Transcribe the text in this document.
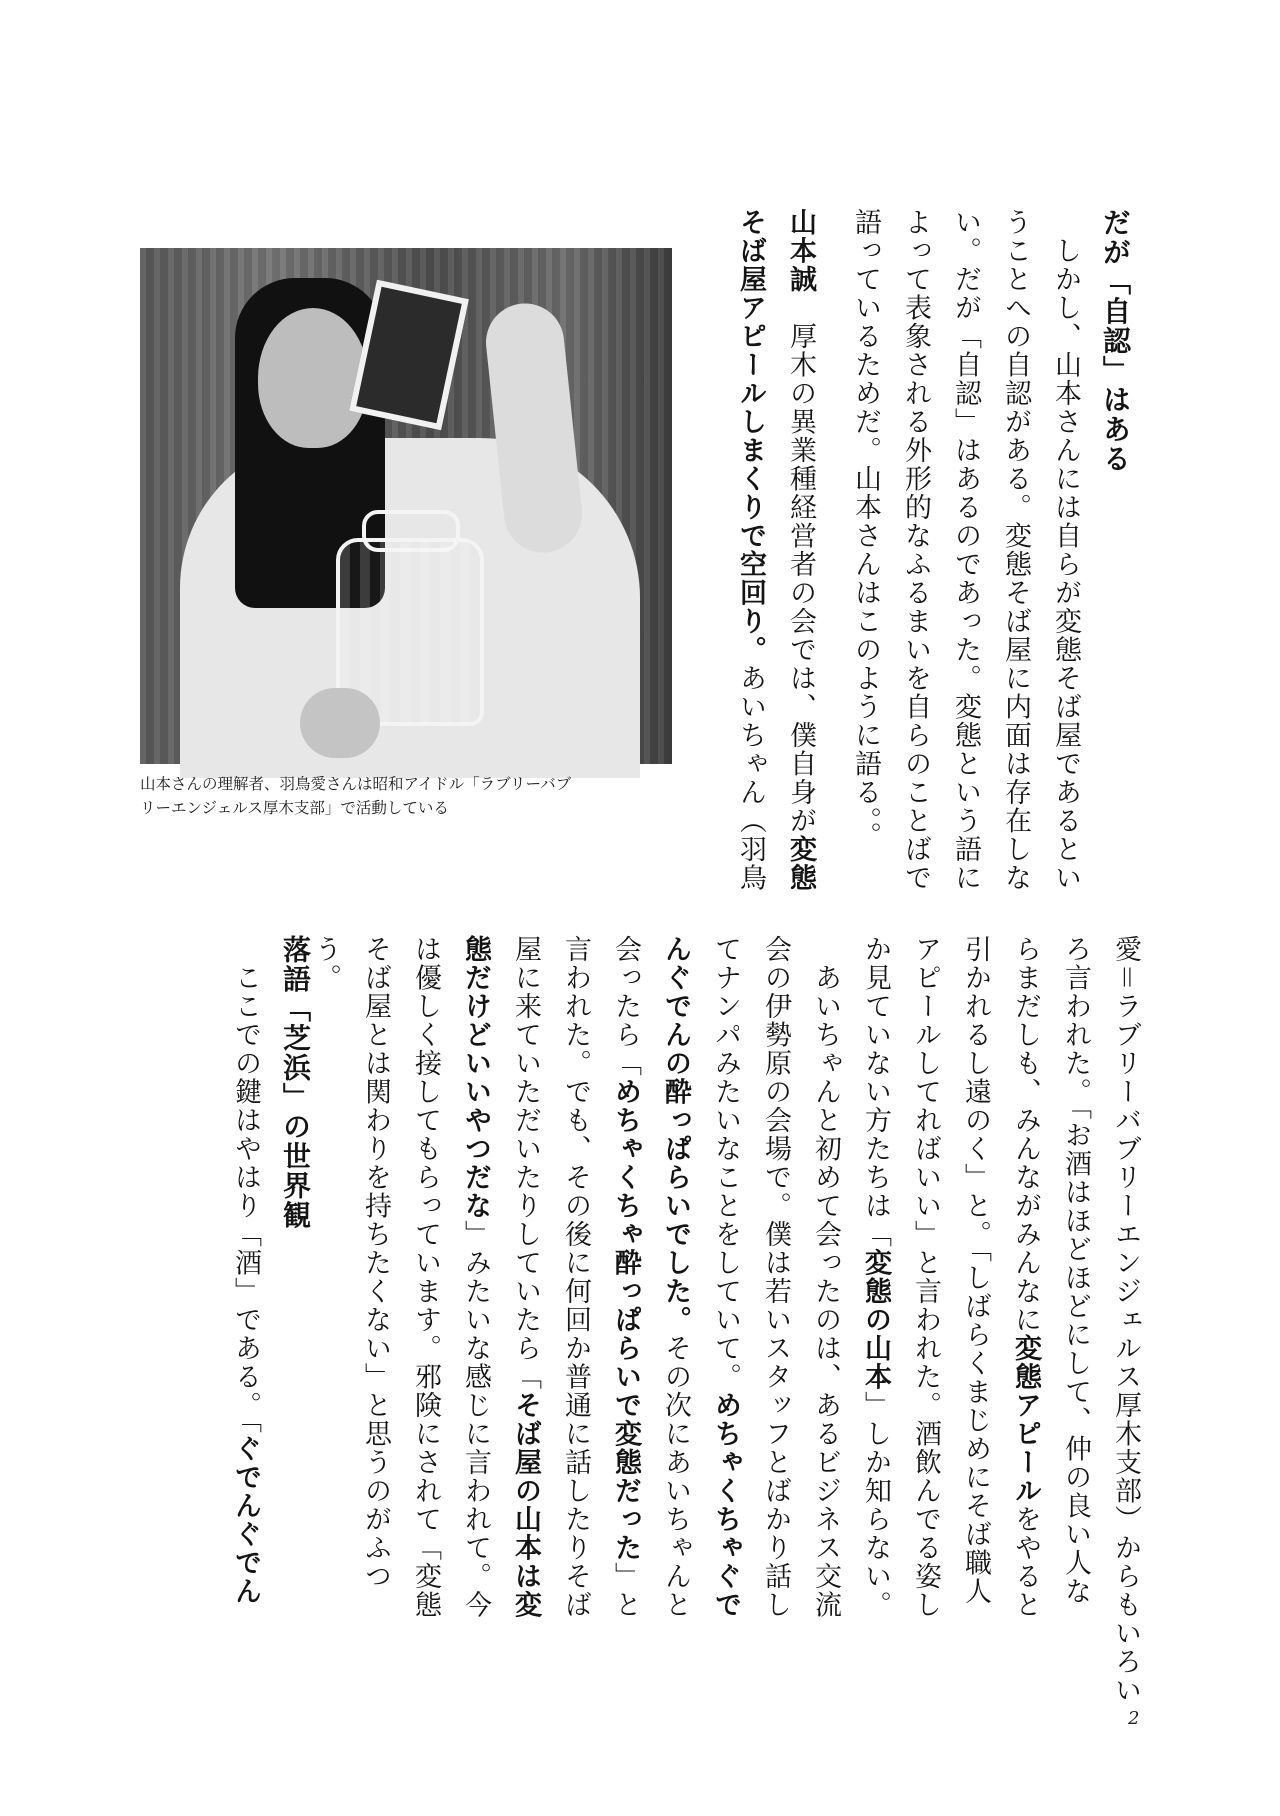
だが「自認」はある
　しかし、山本さんには自らが変態そば屋であるとい
うことへの自認がある。変態そば屋に内面は存在しな
い。だが「自認」はあるのであった。変態という語に
よって表象される外形的なふるまいを自らのことばで
語っているためだ。山本さんはこのように語る。。
山本誠　厚木の異業種経営者の会では、僕自身が変態
そば屋アピールしまくりで空回り。あいちゃん（羽鳥

山本さんの理解者、羽鳥愛さんは昭和アイドル「ラブリーバブ
リーエンジェルス厚木支部」で活動している

愛＝ラブリーバブリーエンジェルス厚木支部）からもいろい
ろ言われた。「お酒はほどほどにして、仲の良い人な
らまだしも、みんながみんなに変態アピールをやると
引かれるし遠のく」と。「しばらくまじめにそば職人
アピールしてればいい」と言われた。酒飲んでる姿し
か見ていない方たちは「変態の山本」しか知らない。
　あいちゃんと初めて会ったのは、あるビジネス交流
会の伊勢原の会場で。僕は若いスタッフとばかり話し
てナンパみたいなことをしていて。めちゃくちゃぐで
んぐでんの酔っぱらいでした。その次にあいちゃんと
会ったら「めちゃくちゃ酔っぱらいで変態だった」と
言われた。でも、その後に何回か普通に話したりそば
屋に来ていただいたりしていたら「そば屋の山本は変
態だけどいいやつだな」みたいな感じに言われて。今
は優しく接してもらっています。邪険にされて「変態
そば屋とは関わりを持ちたくない」と思うのがふつ
う。
落語「芝浜」の世界観
　ここでの鍵はやはり「酒」である。「ぐでんぐでん

2
